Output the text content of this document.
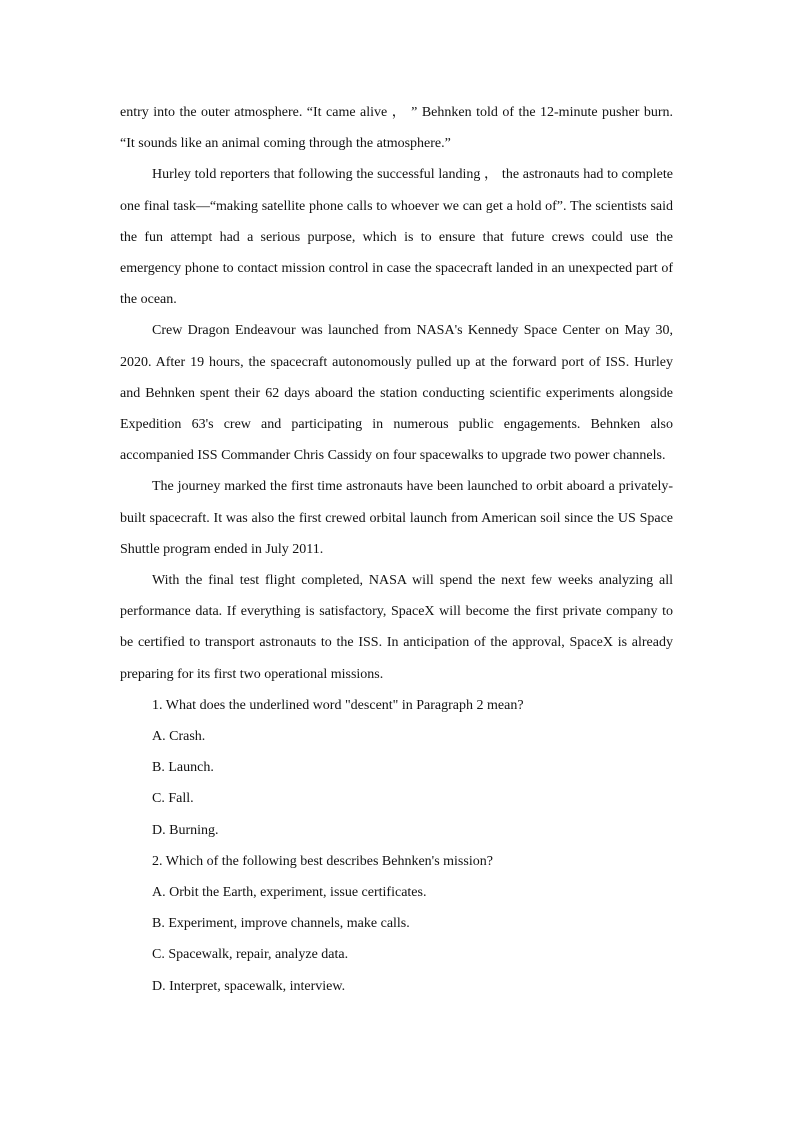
entry into the outer atmosphere. “It came alive ， ” Behnken told of the 12-minute pusher burn. “It sounds like an animal coming through the atmosphere.”

Hurley told reporters that following the successful landing ， the astronauts had to complete one final task—“making satellite phone calls to whoever we can get a hold of”. The scientists said the fun attempt had a serious purpose, which is to ensure that future crews could use the emergency phone to contact mission control in case the spacecraft landed in an unexpected part of the ocean.

Crew Dragon Endeavour was launched from NASA's Kennedy Space Center on May 30, 2020. After 19 hours, the spacecraft autonomously pulled up at the forward port of ISS. Hurley and Behnken spent their 62 days aboard the station conducting scientific experiments alongside Expedition 63's crew and participating in numerous public engagements. Behnken also accompanied ISS Commander Chris Cassidy on four spacewalks to upgrade two power channels.

The journey marked the first time astronauts have been launched to orbit aboard a privately-built spacecraft. It was also the first crewed orbital launch from American soil since the US Space Shuttle program ended in July 2011.

With the final test flight completed, NASA will spend the next few weeks analyzing all performance data. If everything is satisfactory, SpaceX will become the first private company to be certified to transport astronauts to the ISS. In anticipation of the approval, SpaceX is already preparing for its first two operational missions.

1. What does the underlined word "descent" in Paragraph 2 mean?

A. Crash.

B. Launch.

C. Fall.

D. Burning.

2. Which of the following best describes Behnken's mission?

A. Orbit the Earth, experiment, issue certificates.

B. Experiment, improve channels, make calls.

C. Spacewalk, repair, analyze data.

D. Interpret, spacewalk, interview.
